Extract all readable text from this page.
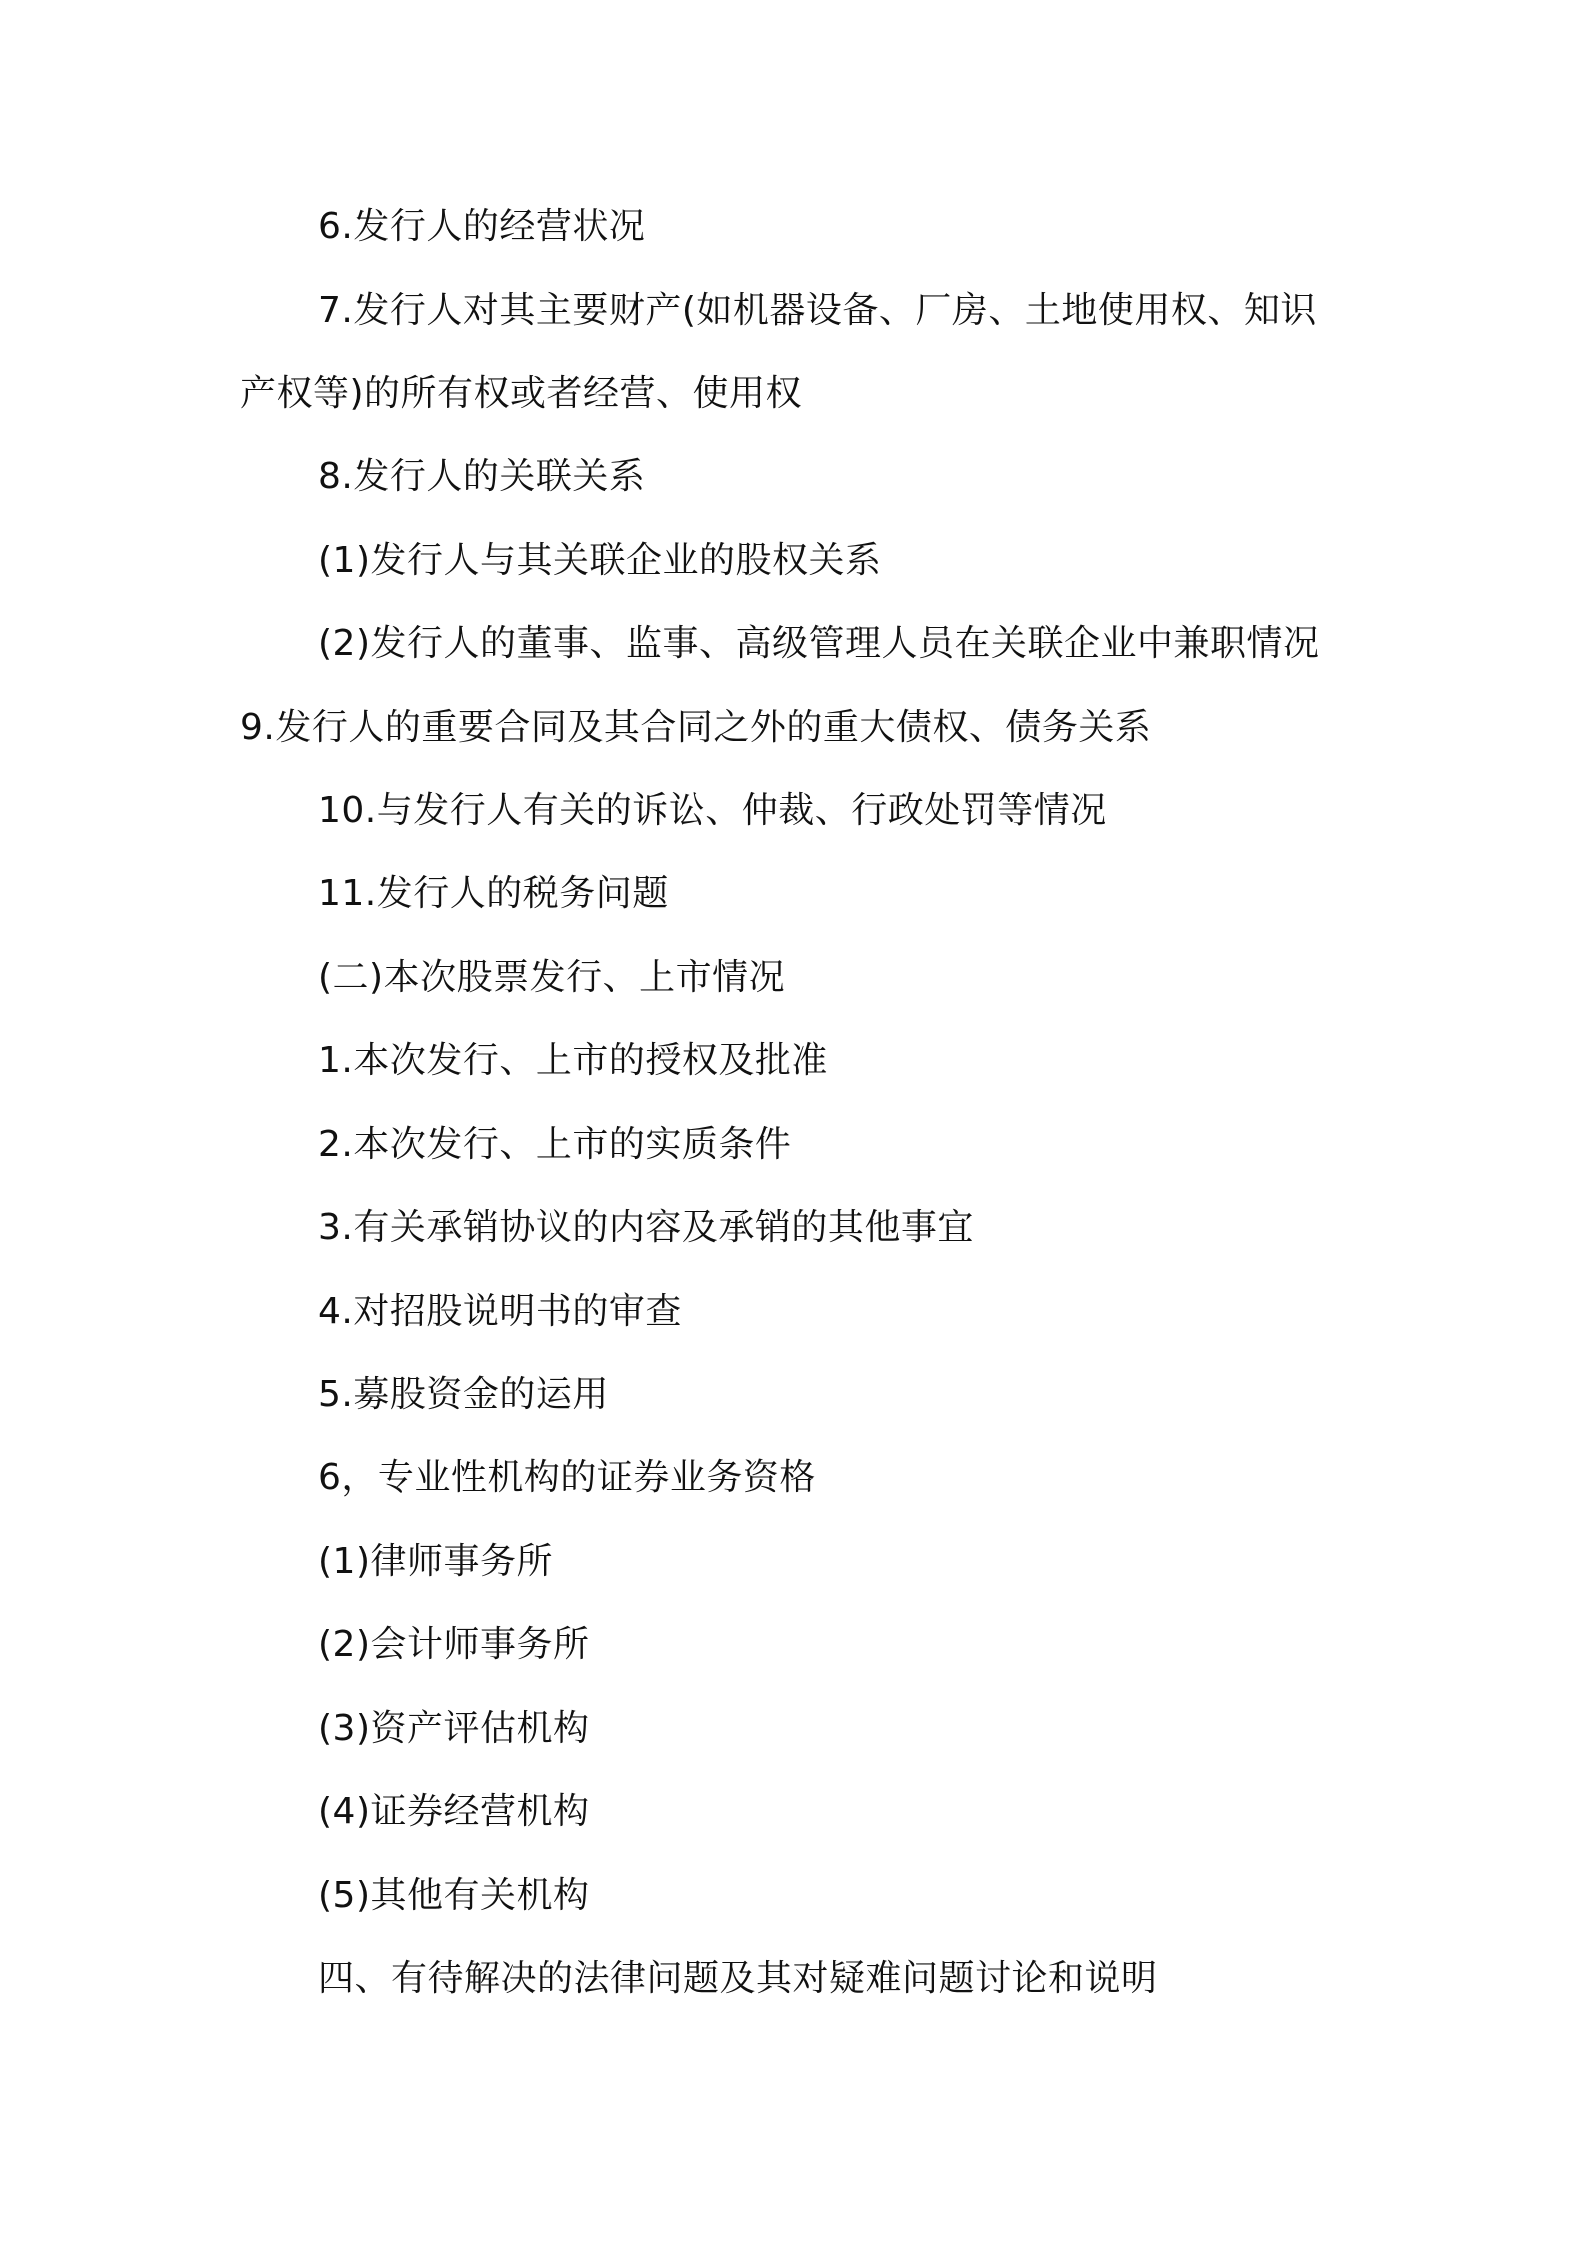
6.发行人的经营状况

7.发行人对其主要财产(如机器设备、厂房、土地使用权、知识

产权等)的所有权或者经营、使用权

8.发行人的关联关系

(1)发行人与其关联企业的股权关系

(2)发行人的董事、监事、高级管理人员在关联企业中兼职情况

9.发行人的重要合同及其合同之外的重大债权、债务关系

10.与发行人有关的诉讼、仲裁、行政处罚等情况

11.发行人的税务问题

(二)本次股票发行、上市情况

1.本次发行、上市的授权及批准

2.本次发行、上市的实质条件

3.有关承销协议的内容及承销的其他事宜

4.对招股说明书的审查

5.募股资金的运用

6，专业性机构的证券业务资格

(1)律师事务所

(2)会计师事务所

(3)资产评估机构

(4)证券经营机构

(5)其他有关机构

四、有待解决的法律问题及其对疑难问题讨论和说明
